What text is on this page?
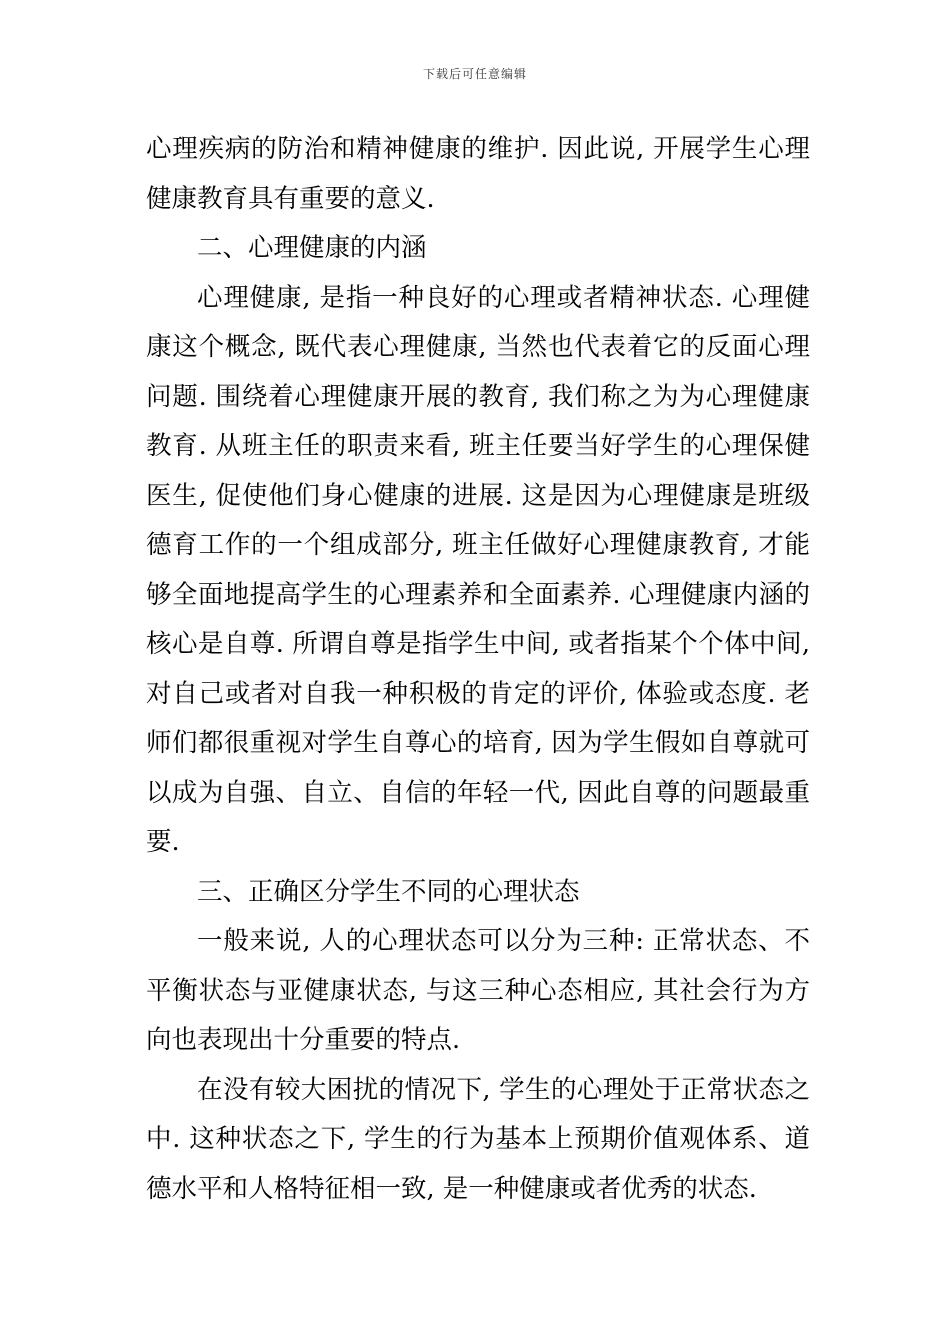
下载后可任意编辑

心理疾病的防治和精神健康的维护. 因此说, 开展学生心理健康教育具有重要的意义.

二、心理健康的内涵

心理健康, 是指一种良好的心理或者精神状态. 心理健康这个概念, 既代表心理健康, 当然也代表着它的反面心理问题. 围绕着心理健康开展的教育, 我们称之为为心理健康教育. 从班主任的职责来看, 班主任要当好学生的心理保健医生, 促使他们身心健康的进展. 这是因为心理健康是班级德育工作的一个组成部分, 班主任做好心理健康教育, 才能够全面地提高学生的心理素养和全面素养. 心理健康内涵的核心是自尊. 所谓自尊是指学生中间, 或者指某个个体中间, 对自己或者对自我一种积极的肯定的评价, 体验或态度. 老师们都很重视对学生自尊心的培育, 因为学生假如自尊就可以成为自强、自立、自信的年轻一代, 因此自尊的问题最重要.

三、正确区分学生不同的心理状态

一般来说, 人的心理状态可以分为三种: 正常状态、不平衡状态与亚健康状态, 与这三种心态相应, 其社会行为方向也表现出十分重要的特点.

在没有较大困扰的情况下, 学生的心理处于正常状态之中. 这种状态之下, 学生的行为基本上预期价值观体系、道德水平和人格特征相一致, 是一种健康或者优秀的状态.
